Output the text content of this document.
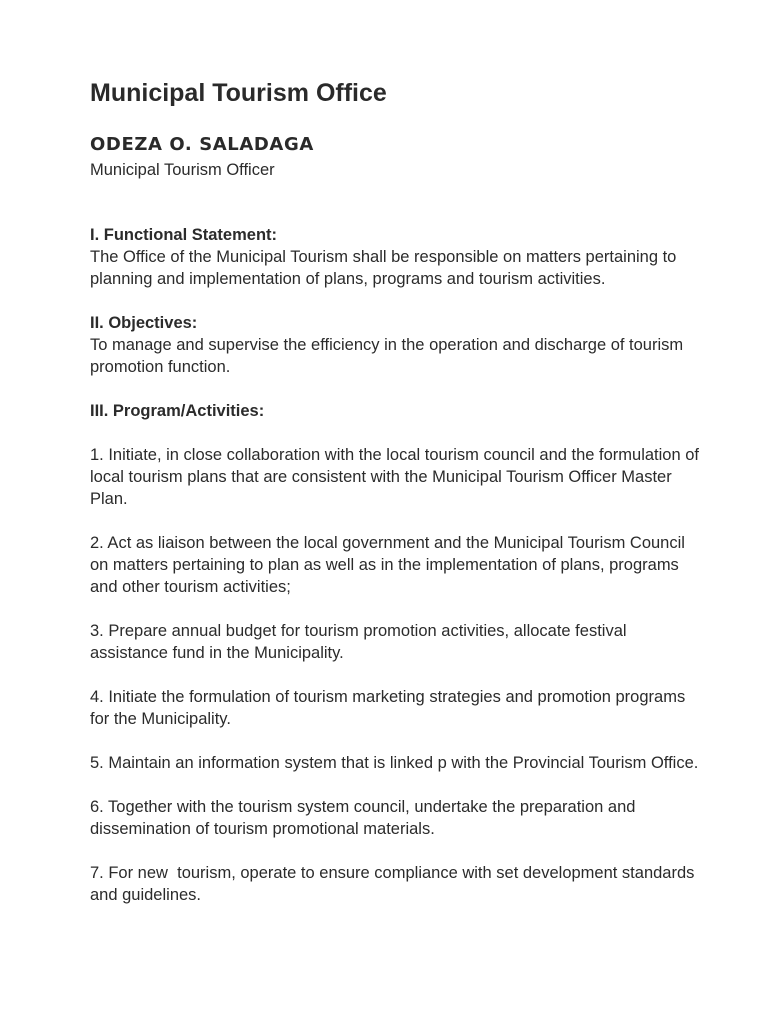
Municipal Tourism Office
ODEZA O. SALADAGA
Municipal Tourism Officer
I. Functional Statement:
The Office of the Municipal Tourism shall be responsible on matters pertaining to planning and implementation of plans, programs and tourism activities.
II. Objectives:
To manage and supervise the efficiency in the operation and discharge of tourism promotion function.
III. Program/Activities:
1. Initiate, in close collaboration with the local tourism council and the formulation of local tourism plans that are consistent with the Municipal Tourism Officer Master Plan.
2. Act as liaison between the local government and the Municipal Tourism Council on matters pertaining to plan as well as in the implementation of plans, programs and other tourism activities;
3. Prepare annual budget for tourism promotion activities, allocate festival assistance fund in the Municipality.
4. Initiate the formulation of tourism marketing strategies and promotion programs for the Municipality.
5. Maintain an information system that is linked p with the Provincial Tourism Office.
6. Together with the tourism system council, undertake the preparation and dissemination of tourism promotional materials.
7. For new  tourism, operate to ensure compliance with set development standards and guidelines.
